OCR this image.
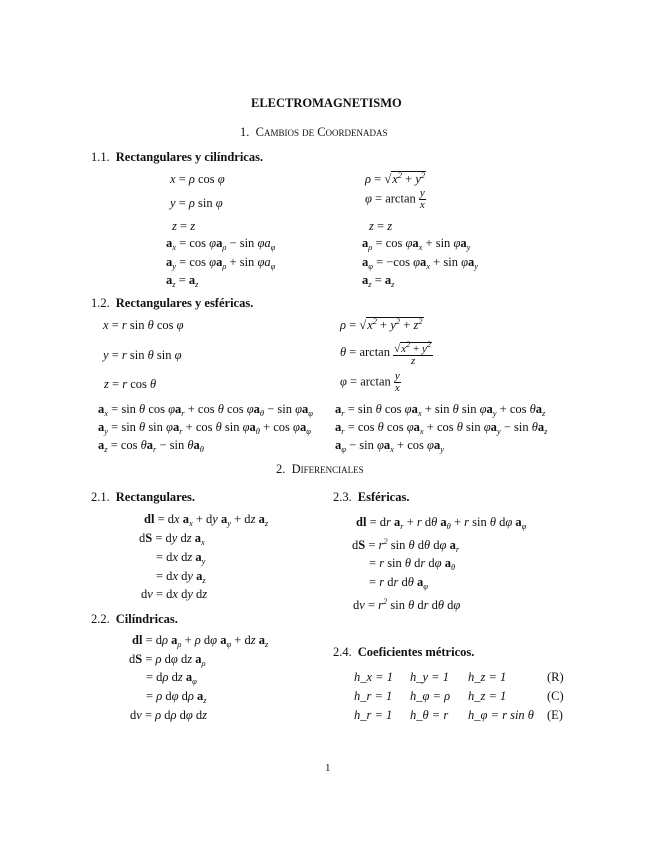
ELECTROMAGNETISMO
1. Cambios de Coordenadas
1.1. Rectangulares y cilíndricas.
x = ρ cos φ
y = ρ sin φ
z = z
$a_x = \cos \varphi a_\rho - \sin \varphi a_\varphi$
$a_y = \cos \varphi a_\rho + \sin \varphi a_\varphi$
$a_z = a_z$
$\rho = √x^2 + y^2$
$\varphi = \arctan \frac{y}{x}$
z = z
$a_\rho = \cos \varphi a_x + \sin \varphi a_y$
$a_\varphi = -\cos$ $\varphi a_x + \sin \varphi a_y$
$a_z = a_z$
1.2. Rectangulares y esféricas.
x = r sin θ cos φ
y = r sin θ sin φ
z = r cos θ
$\rho = √x^2 + y^2 + z^2$
$\theta = \arctan \frac{√x^2 + y^2}{z}$
$\varphi = \arctan \frac{y}{x}$
$a_x = \sin \theta$ $\cos \varphi a_r + \cos \theta$ $\cos \varphi a_\theta - \sin \varphi a_\varphi$
$a_y = \sin \theta$ $\sin \varphi a_r + \cos \theta$ $\sin \varphi a_\theta + \cos \varphi a_\varphi$
$a_z = \cos \theta a_r - \sin \theta a_\theta$
$a_r = \sin \theta$ $\cos \varphi a_x + \sin \theta$ $\sin \varphi a_y + \cos \theta a_z$
$a_r = \cos \theta$ $\cos \varphi a_x + \cos \theta$ $\sin \varphi a_y - \sin \theta a_z$
$a_\varphi - \sin \varphi a_x + \cos \varphi a_y$
2. Diferenciales
2.1. Rectangulares.
dl = dx $a_x$ + dy $a_y$ + dz $a_z$
dS = dy dz $a_x$
= dx dz $a_y$
= dx dy $a_z$
dv = dx dy dz
2.2. Cilíndricas.
dl = dρ $a_\rho + \rho$ dφ $a_\varphi$ + dz $a_z$
dS = ρ dφ dz $a_\rho$
= dρ dz $a_\varphi$
= ρ dφ dρ $a_z$
dv = ρ dρ dφ dz
2.3. Esféricas.
dl = dr $a_r + r$ dθ $a_\theta + r$ sin θ dφ $a_\varphi$
dS = $r^2$ sin θ dθ dφ $a_r$
= r sin θ dr dφ $a_\theta$
= r dr dθ $a_\varphi$
dv = $r^2$ sin θ dr dθ dφ
2.4. Coeficientes métricos.
h_x = 1 h_y = 1 h_z = 1	(R)
h_r = 1 h_φ = ρ h_z = 1	(C)
h_r = 1 h_θ = r h_φ = r sin θ (E)
1
